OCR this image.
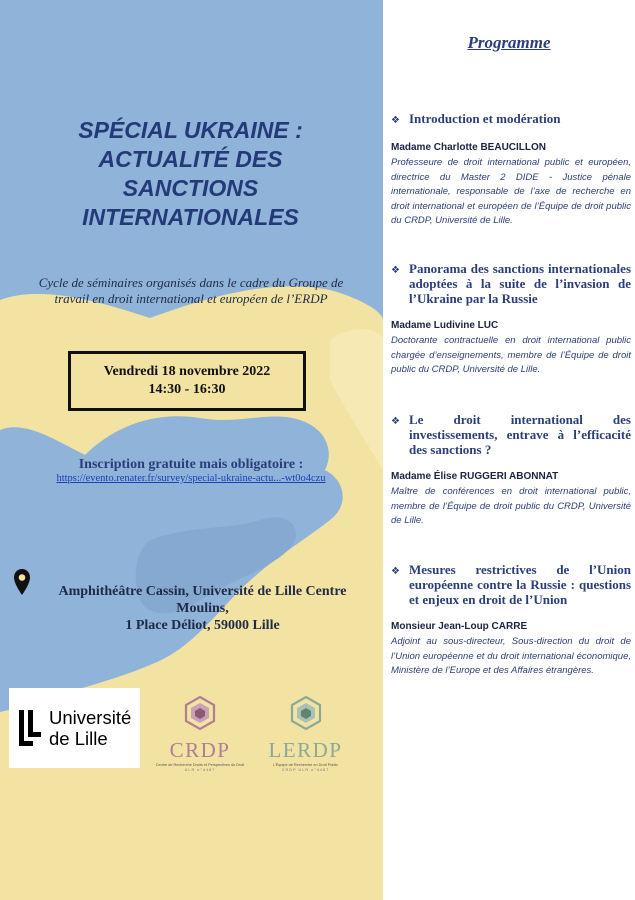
SPÉCIAL UKRAINE :
ACTUALITÉ DES
SANCTIONS
INTERNATIONALES
Cycle de séminaires organisés dans le cadre du Groupe de travail en droit international et européen de l’ERDP
Vendredi 18 novembre 2022
14:30 - 16:30
Inscription gratuite mais obligatoire :
https://evento.renater.fr/survey/special-ukraine-actu...-wt0o4czu
Amphithéâtre Cassin, Université de Lille Centre
Moulins,
1 Place Déliot, 59000 Lille
Université
de Lille	CRDP
Centre de Recherche Droits et Perspectives du Droit
ULR n°4487
LERDP
L'Équipe de Recherche en Droit Public
CRDP ULR n°4487
Programme
❖ Introduction et modération
Madame Charlotte BEAUCILLON
Professeure de droit international public et européen, directrice du Master 2 DIDE - Justice pénale internationale, responsable de l’axe de recherche en droit international et européen de l’Équipe de droit public du CRDP, Université de Lille.
❖ Panorama des sanctions internationales adoptées à la suite de l’invasion de l’Ukraine par la Russie
Madame Ludivine LUC
Doctorante contractuelle en droit international public chargée d’enseignements, membre de l’Équipe de droit public du CRDP, Université de Lille.
❖ Le droit international des investissements, entrave à l’efficacité des sanctions ?
Madame Élise RUGGERI ABONNAT
Maître de conférences en droit international public, membre de l’Équipe de droit public du CRDP, Université de Lille.
❖ Mesures restrictives de l’Union européenne contre la Russie : questions et enjeux en droit de l’Union
Monsieur Jean-Loup CARRE
Adjoint au sous-directeur, Sous-direction du droit de l’Union européenne et du droit international économique, Ministère de l’Europe et des Affaires étrangères.
